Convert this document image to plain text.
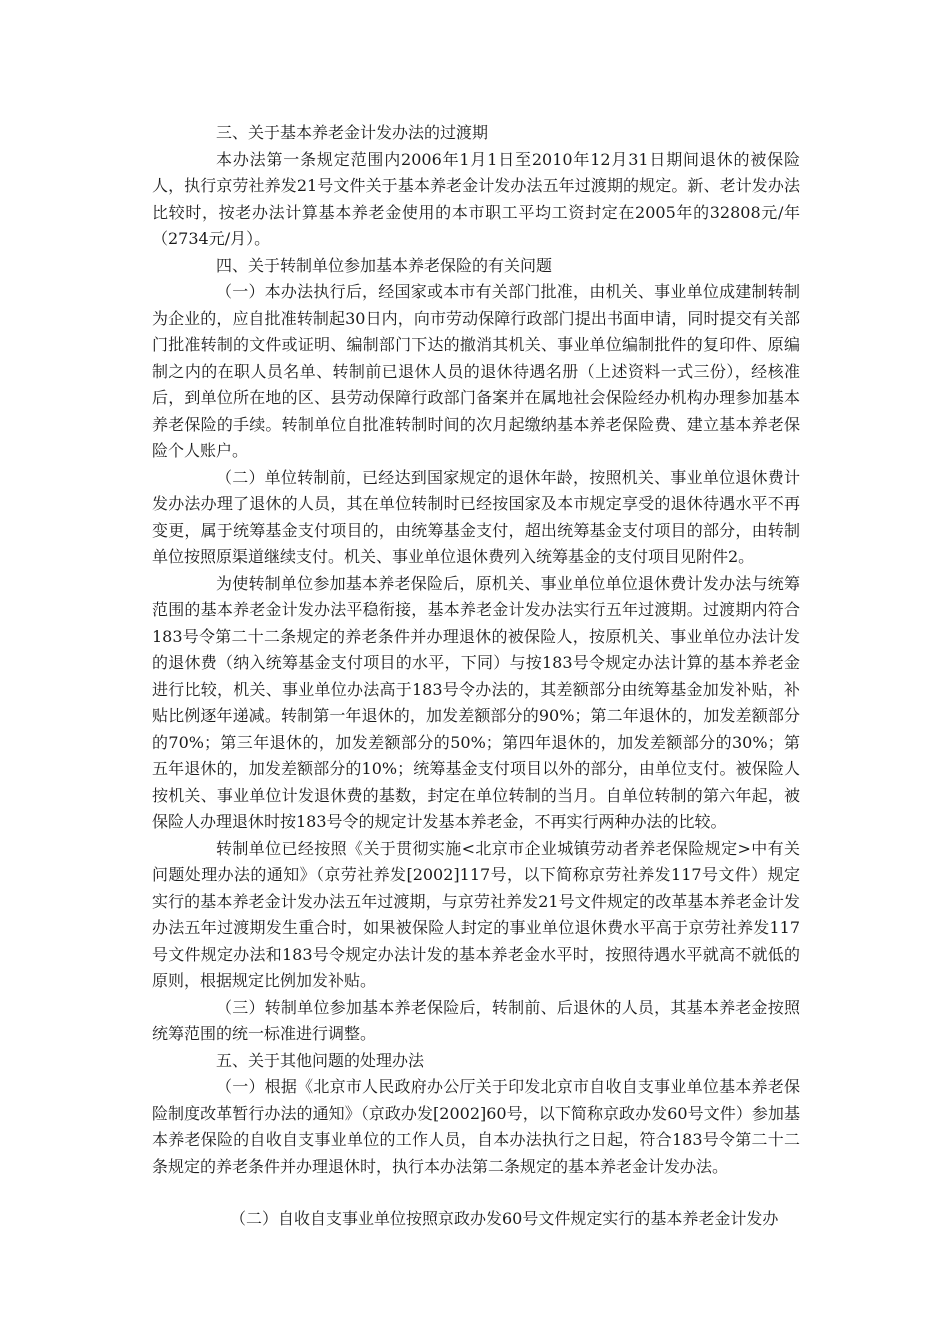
三、关于基本养老金计发办法的过渡期

本办法第一条规定范围内2006年1月1日至2010年12月31日期间退休的被保险人，执行京劳社养发21号文件关于基本养老金计发办法五年过渡期的规定。新、老计发办法比较时，按老办法计算基本养老金使用的本市职工平均工资封定在2005年的32808元/年（2734元/月）。

四、关于转制单位参加基本养老保险的有关问题

（一）本办法执行后，经国家或本市有关部门批准，由机关、事业单位成建制转制为企业的，应自批准转制起30日内，向市劳动保障行政部门提出书面申请，同时提交有关部门批准转制的文件或证明、编制部门下达的撤消其机关、事业单位编制批件的复印件、原编制之内的在职人员名单、转制前已退休人员的退休待遇名册（上述资料一式三份），经核准后，到单位所在地的区、县劳动保障行政部门备案并在属地社会保险经办机构办理参加基本养老保险的手续。转制单位自批准转制时间的次月起缴纳基本养老保险费、建立基本养老保险个人账户。

（二）单位转制前，已经达到国家规定的退休年龄，按照机关、事业单位退休费计发办法办理了退休的人员，其在单位转制时已经按国家及本市规定享受的退休待遇水平不再变更，属于统筹基金支付项目的，由统筹基金支付，超出统筹基金支付项目的部分，由转制单位按照原渠道继续支付。机关、事业单位退休费列入统筹基金的支付项目见附件2。

为使转制单位参加基本养老保险后，原机关、事业单位单位退休费计发办法与统筹范围的基本养老金计发办法平稳衔接，基本养老金计发办法实行五年过渡期。过渡期内符合183号令第二十二条规定的养老条件并办理退休的被保险人，按原机关、事业单位办法计发的退休费（纳入统筹基金支付项目的水平，下同）与按183号令规定办法计算的基本养老金进行比较，机关、事业单位办法高于183号令办法的，其差额部分由统筹基金加发补贴，补贴比例逐年递减。转制第一年退休的，加发差额部分的90%；第二年退休的，加发差额部分的70%；第三年退休的，加发差额部分的50%；第四年退休的，加发差额部分的30%；第五年退休的，加发差额部分的10%；统筹基金支付项目以外的部分，由单位支付。被保险人按机关、事业单位计发退休费的基数，封定在单位转制的当月。自单位转制的第六年起，被保险人办理退休时按183号令的规定计发基本养老金，不再实行两种办法的比较。

转制单位已经按照《关于贯彻实施<北京市企业城镇劳动者养老保险规定>中有关问题处理办法的通知》（京劳社养发[2002]117号，以下简称京劳社养发117号文件）规定实行的基本养老金计发办法五年过渡期，与京劳社养发21号文件规定的改革基本养老金计发办法五年过渡期发生重合时，如果被保险人封定的事业单位退休费水平高于京劳社养发117号文件规定办法和183号令规定办法计发的基本养老金水平时，按照待遇水平就高不就低的原则，根据规定比例加发补贴。

（三）转制单位参加基本养老保险后，转制前、后退休的人员，其基本养老金按照统筹范围的统一标准进行调整。

五、关于其他问题的处理办法

（一）根据《北京市人民政府办公厅关于印发北京市自收自支事业单位基本养老保险制度改革暂行办法的通知》（京政办发[2002]60号，以下简称京政办发60号文件）参加基本养老保险的自收自支事业单位的工作人员，自本办法执行之日起，符合183号令第二十二条规定的养老条件并办理退休时，执行本办法第二条规定的基本养老金计发办法。

（二）自收自支事业单位按照京政办发60号文件规定实行的基本养老金计发办
